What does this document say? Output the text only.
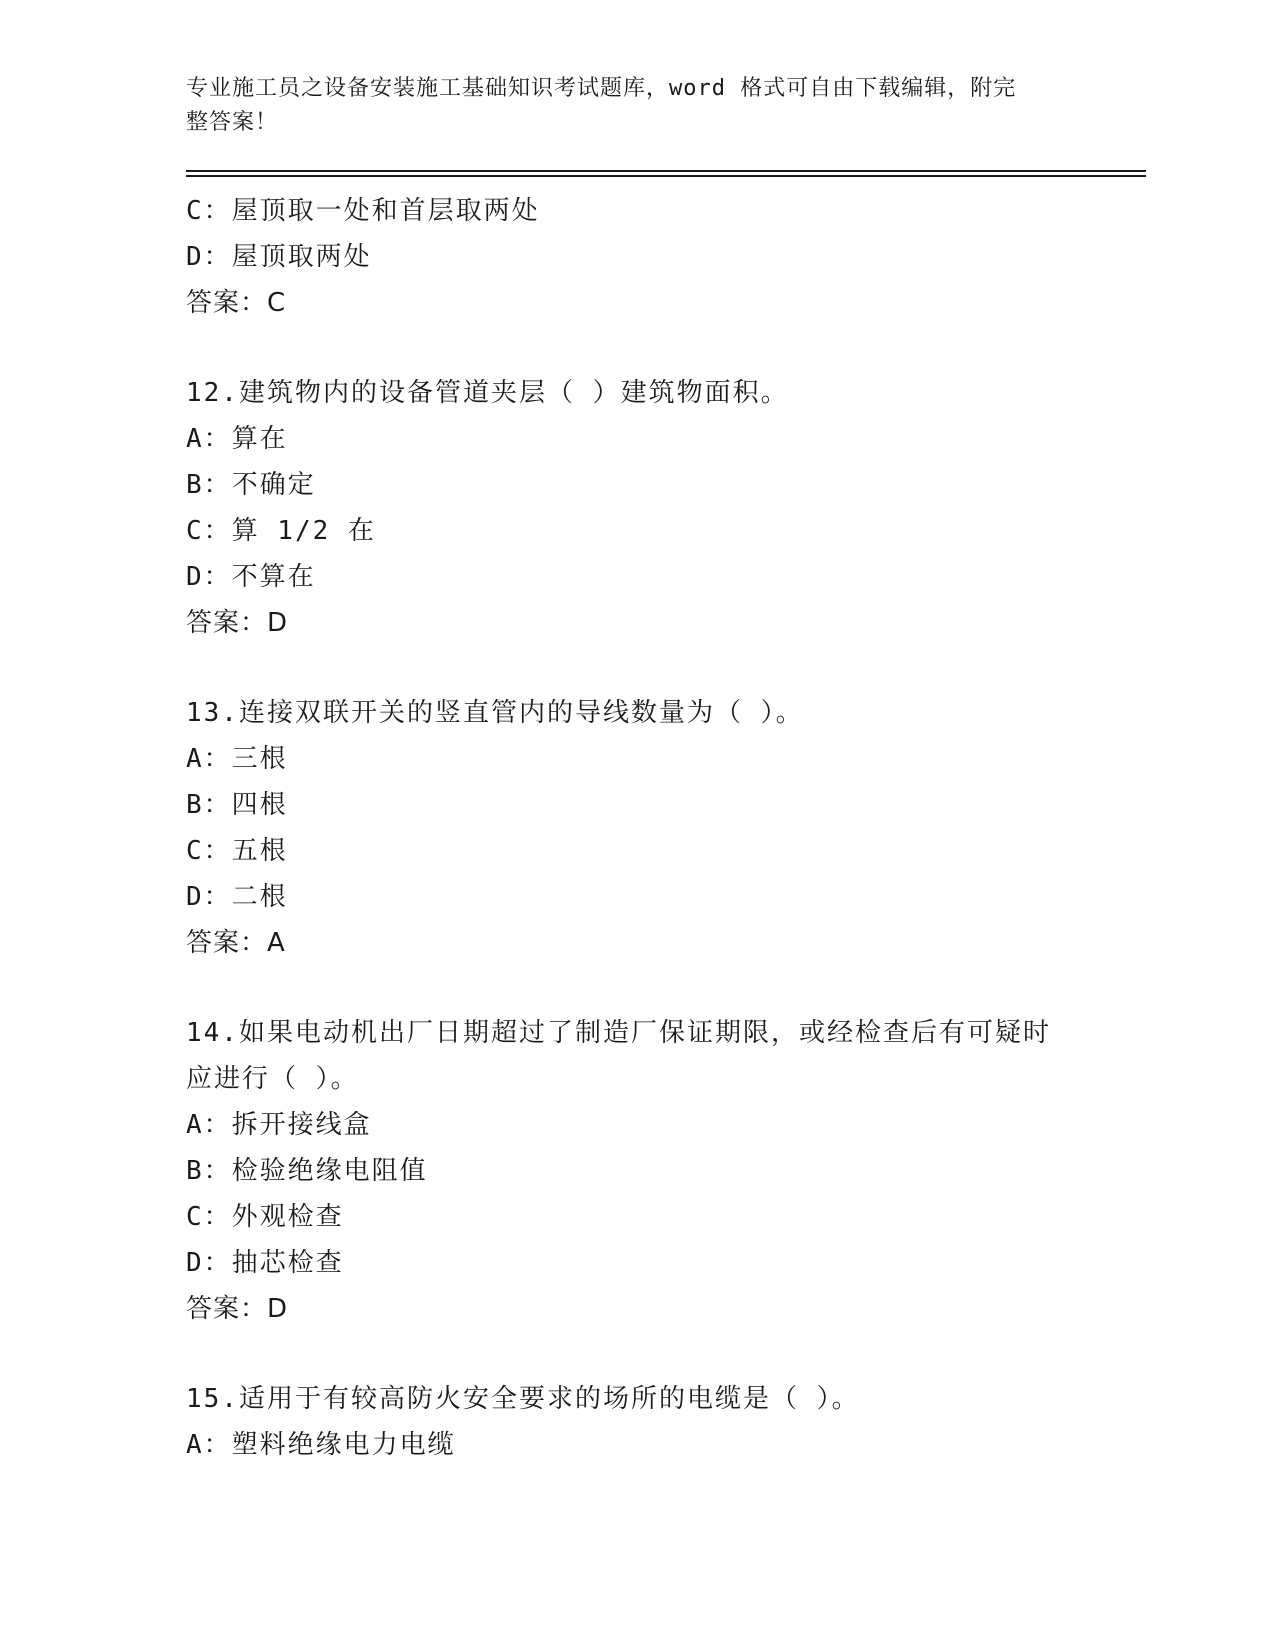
专业施工员之设备安装施工基础知识考试题库，word 格式可自由下载编辑，附完
整答案！
C：屋顶取一处和首层取两处
D：屋顶取两处
答案：C
12.建筑物内的设备管道夹层（ ）建筑物面积。
A：算在
B：不确定
C：算 1/2 在
D：不算在
答案：D
13.连接双联开关的竖直管内的导线数量为（ ）。
A：三根
B：四根
C：五根
D：二根
答案：A
14.如果电动机出厂日期超过了制造厂保证期限，或经检查后有可疑时
应进行（ ）。
A：拆开接线盒
B：检验绝缘电阻值
C：外观检查
D：抽芯检查
答案：D
15.适用于有较高防火安全要求的场所的电缆是（ ）。
A：塑料绝缘电力电缆
